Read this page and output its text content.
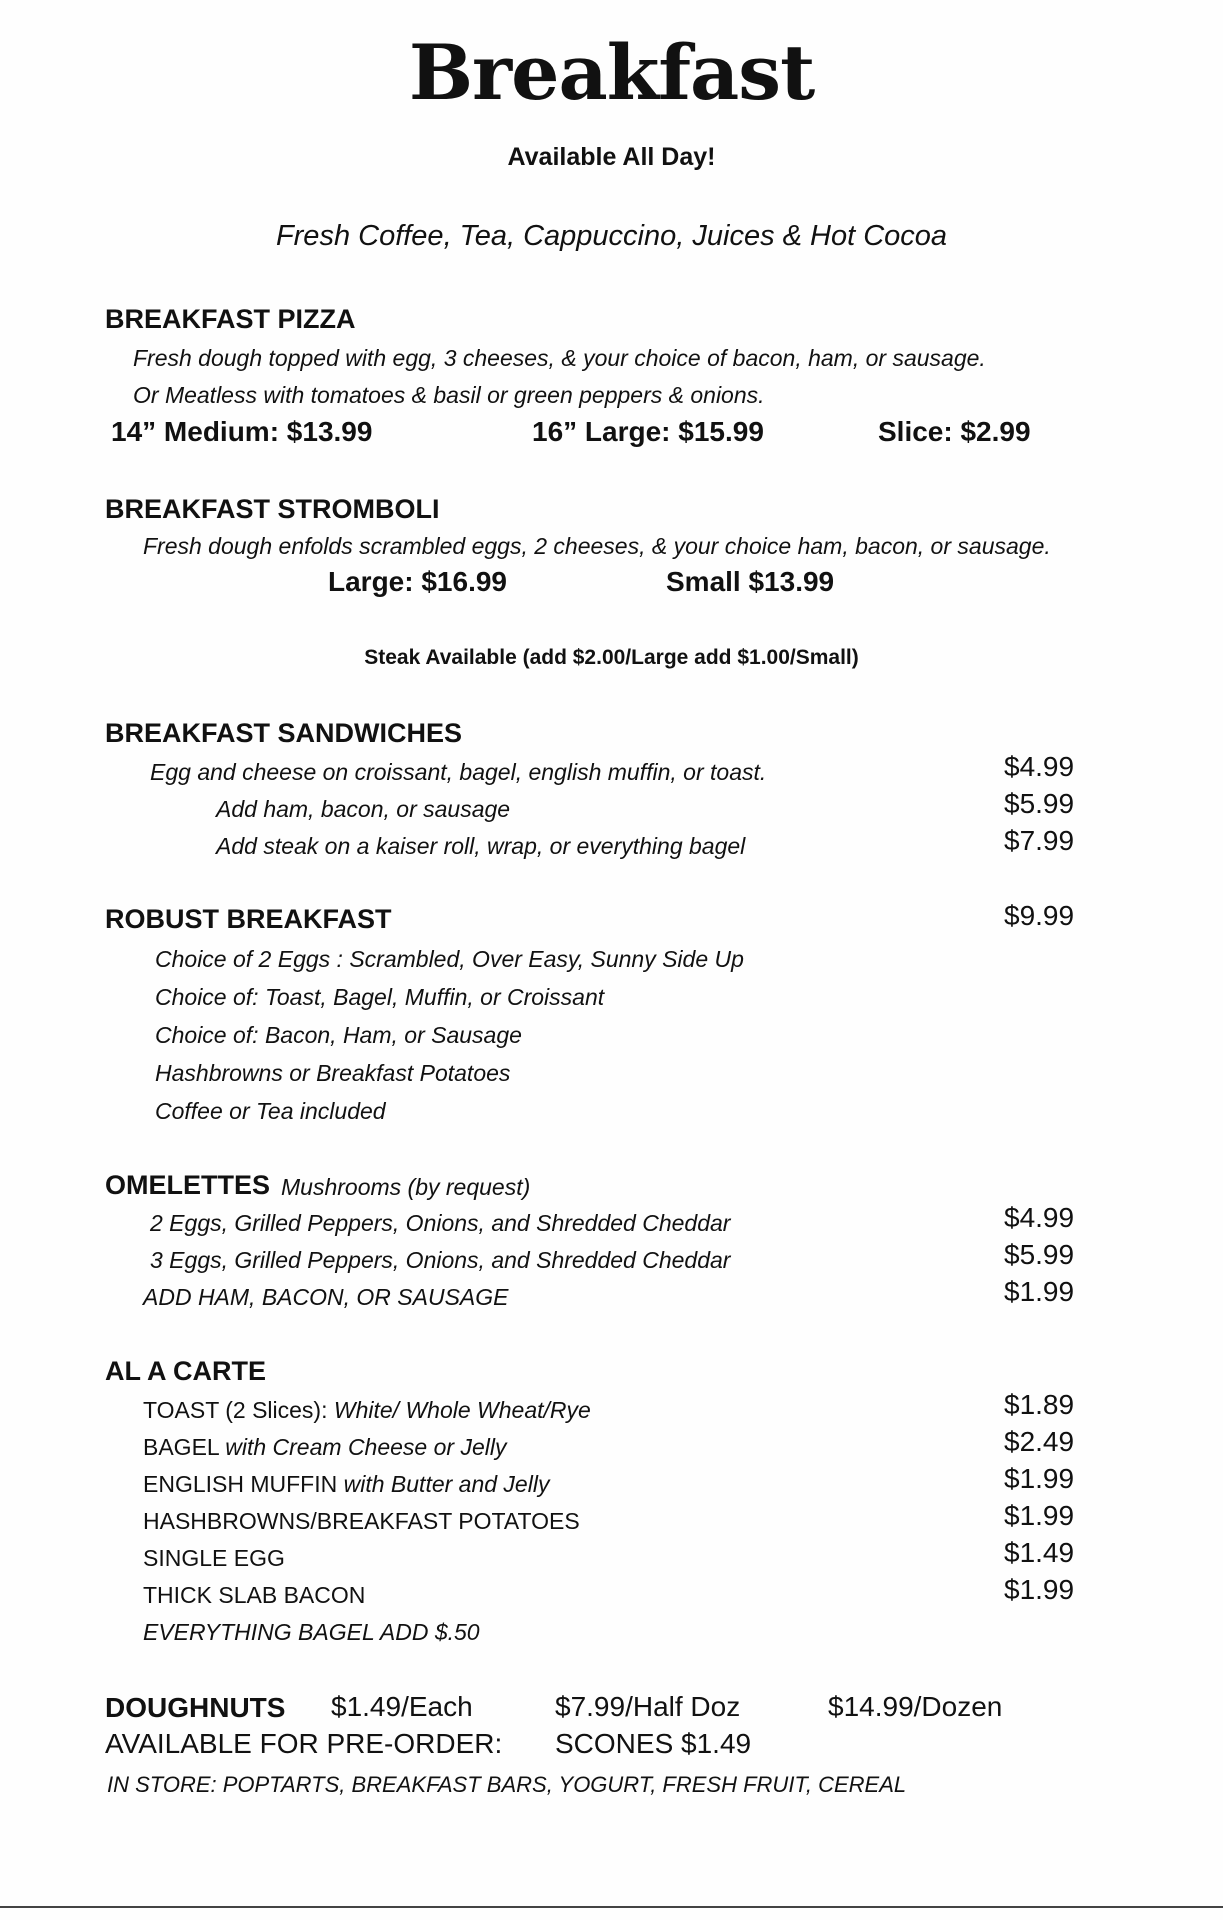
Breakfast
Available All Day!
Fresh Coffee, Tea, Cappuccino, Juices & Hot Cocoa
BREAKFAST PIZZA
Fresh dough topped with egg, 3 cheeses, & your choice of bacon, ham, or sausage.
Or Meatless with tomatoes & basil or green peppers & onions.
14” Medium: $13.99	16” Large: $15.99	Slice: $2.99
BREAKFAST STROMBOLI
Fresh dough enfolds scrambled eggs, 2 cheeses, & your choice ham, bacon, or sausage.
Large: $16.99	Small $13.99
Steak Available (add $2.00/Large add $1.00/Small)
BREAKFAST SANDWICHES
Egg and cheese on croissant, bagel, english muffin, or toast.	$4.99
Add ham, bacon, or sausage	$5.99
Add steak on a kaiser roll, wrap, or everything bagel	$7.99
ROBUST BREAKFAST	$9.99
Choice of 2 Eggs : Scrambled, Over Easy, Sunny Side Up
Choice of: Toast, Bagel, Muffin, or Croissant
Choice of: Bacon, Ham, or Sausage
Hashbrowns or Breakfast Potatoes
Coffee or Tea included
OMELETTES Mushrooms (by request)
2 Eggs, Grilled Peppers, Onions, and Shredded Cheddar	$4.99
3 Eggs, Grilled Peppers, Onions, and Shredded Cheddar	$5.99
ADD HAM, BACON, OR SAUSAGE	$1.99
AL A CARTE
TOAST (2 Slices): White/ Whole Wheat/Rye	$1.89
BAGEL with Cream Cheese or Jelly	$2.49
ENGLISH MUFFIN with Butter and Jelly	$1.99
HASHBROWNS/BREAKFAST POTATOES	$1.99
SINGLE EGG	$1.49
THICK SLAB BACON	$1.99
EVERYTHING BAGEL ADD $.50
DOUGHNUTS $1.49/Each	$7.99/Half Doz	$14.99/Dozen
AVAILABLE FOR PRE-ORDER: SCONES $1.49
IN STORE: POPTARTS, BREAKFAST BARS, YOGURT, FRESH FRUIT, CEREAL
